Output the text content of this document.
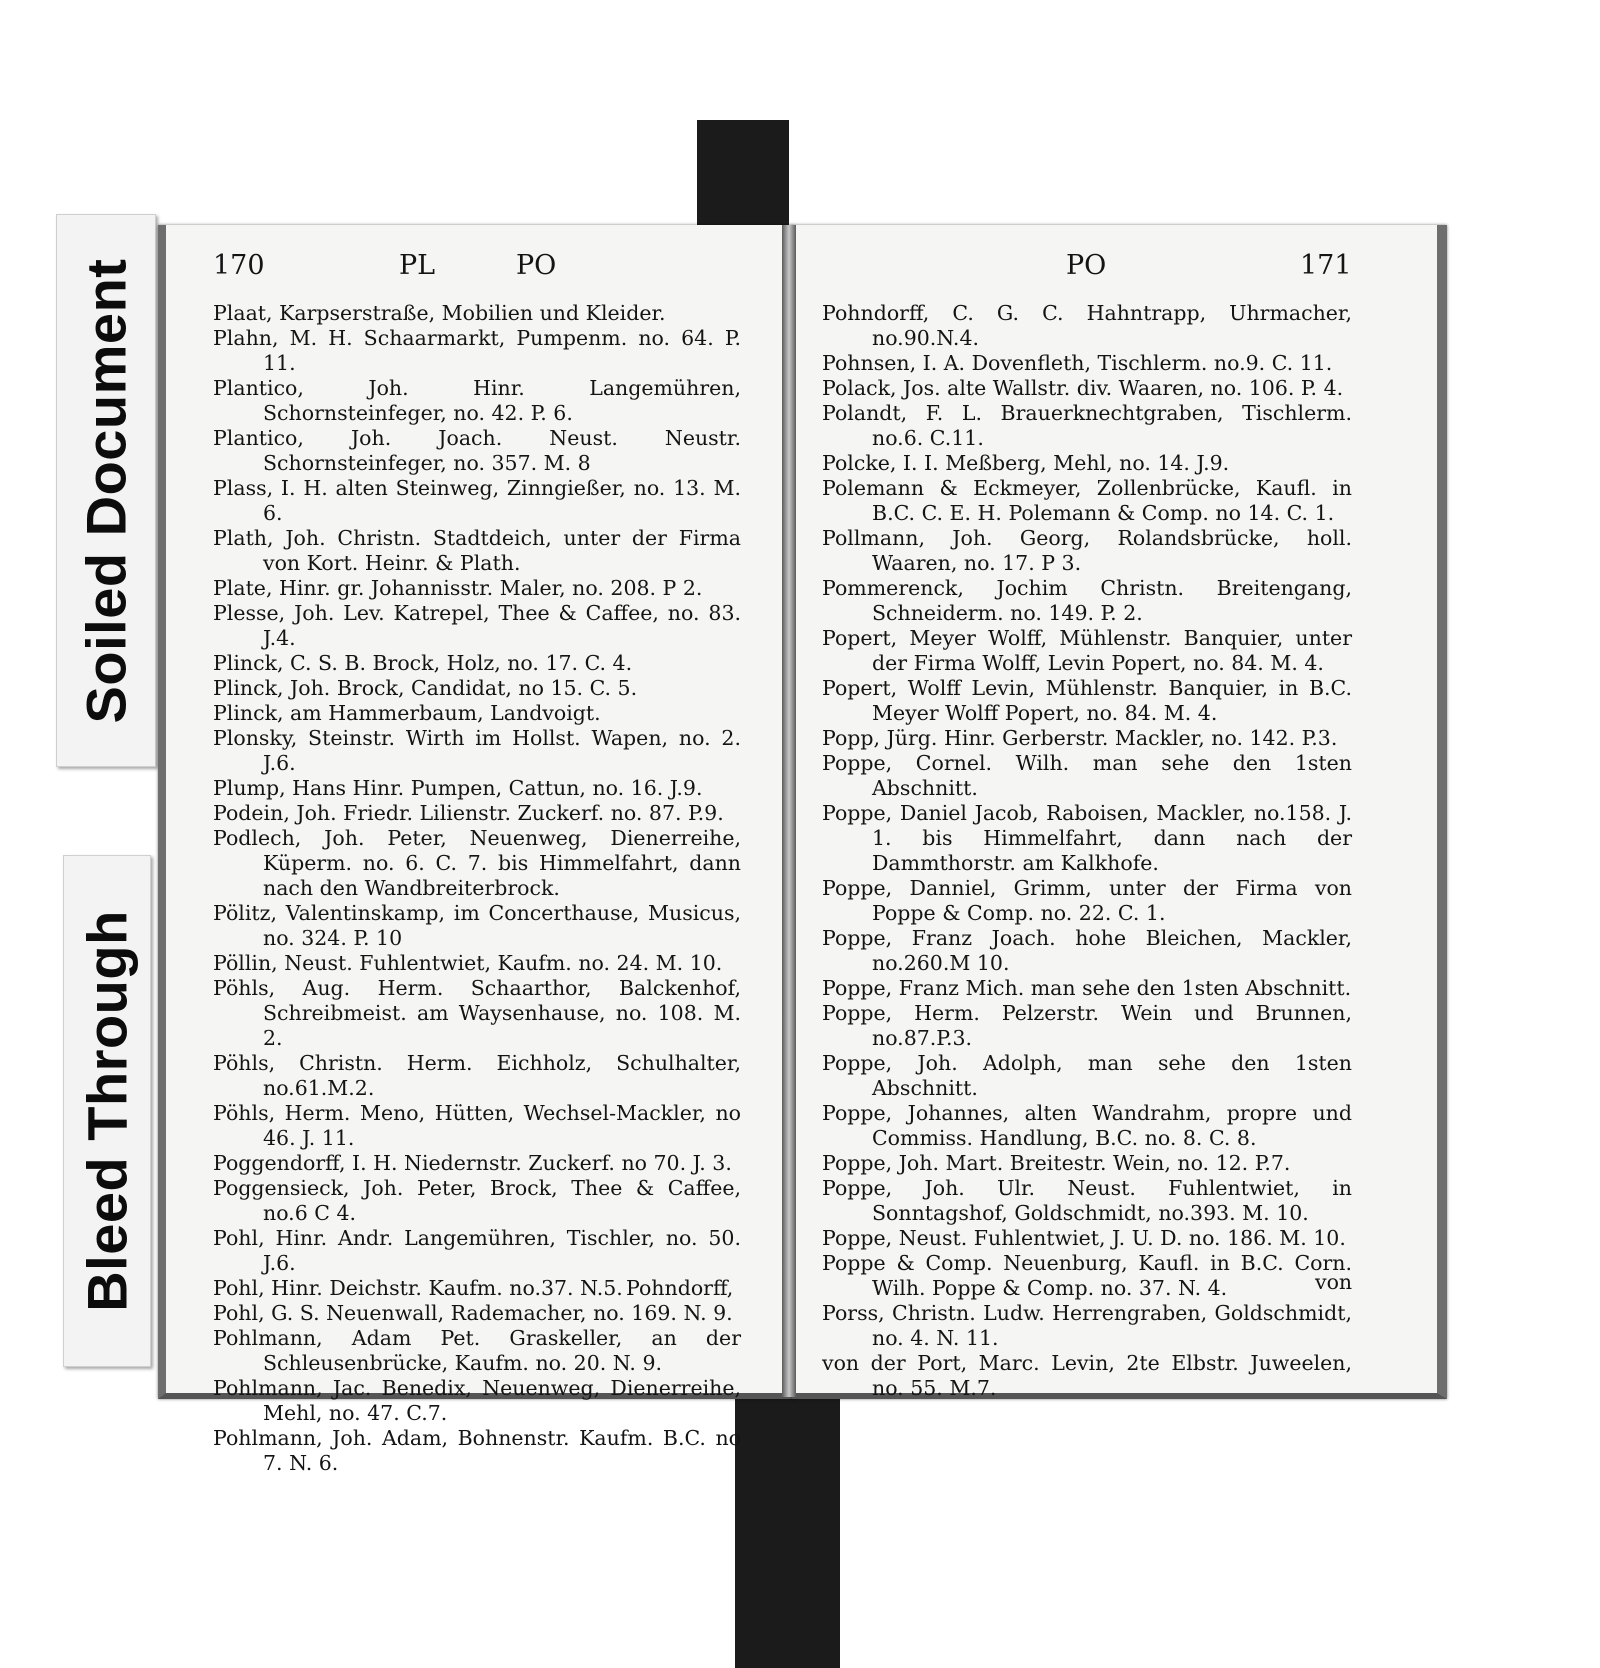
Soiled Document
Bleed Through
170	PL	PO	PO	171

Plaat, Karpserstraße, Mobilien und Kleider.

Plahn, M. H. Schaarmarkt, Pumpenm. no. 64. P. 11.

Plantico, Joh. Hinr. Langemühren, Schornsteinfeger, no. 42. P. 6.

Plantico, Joh. Joach. Neust. Neustr. Schornsteinfeger, no. 357. M. 8

Plass, I. H. alten Steinweg, Zinngießer, no. 13. M. 6.

Plath, Joh. Christn. Stadtdeich, unter der Firma von Kort. Heinr. & Plath.

Plate, Hinr. gr. Johannisstr. Maler, no. 208. P 2.

Plesse, Joh. Lev. Katrepel, Thee & Caffee, no. 83. J.4.

Plinck, C. S. B. Brock, Holz, no. 17. C. 4.

Plinck, Joh. Brock, Candidat, no 15. C. 5.

Plinck, am Hammerbaum, Landvoigt.

Plonsky, Steinstr. Wirth im Hollst. Wapen, no. 2. J.6.

Plump, Hans Hinr. Pumpen, Cattun, no. 16. J.9.

Podein, Joh. Friedr. Lilienstr. Zuckerf. no. 87. P.9.

Podlech, Joh. Peter, Neuenweg, Dienerreihe, Küperm. no. 6. C. 7. bis Himmelfahrt, dann nach den Wandbreiterbrock.

Pölitz, Valentinskamp, im Concerthause, Musicus, no. 324. P. 10

Pöllin, Neust. Fuhlentwiet, Kaufm. no. 24. M. 10.

Pöhls, Aug. Herm. Schaarthor, Balckenhof, Schreibmeist. am Waysenhause, no. 108. M. 2.

Pöhls, Christn. Herm. Eichholz, Schulhalter, no.61.M.2.

Pöhls, Herm. Meno, Hütten, Wechsel-Mackler, no 46. J. 11.

Poggendorff, I. H. Niedernstr. Zuckerf. no 70. J. 3.

Poggensieck, Joh. Peter, Brock, Thee & Caffee, no.6 C 4.

Pohl, Hinr. Andr. Langemühren, Tischler, no. 50. J.6.

Pohl, Hinr. Deichstr. Kaufm. no.37. N.5.

Pohl, G. S. Neuenwall, Rademacher, no. 169. N. 9.

Pohlmann, Adam Pet. Graskeller, an der Schleusenbrücke, Kaufm. no. 20. N. 9.

Pohlmann, Jac. Benedix, Neuenweg, Dienerreihe, Mehl, no. 47. C.7.

Pohlmann, Joh. Adam, Bohnenstr. Kaufm. B.C. no 7. N. 6.

Pohndorff, C. G. C. Hahntrapp, Uhrmacher, no.90.N.4.

Pohnsen, I. A. Dovenfleth, Tischlerm. no.9. C. 11.

Polack, Jos. alte Wallstr. div. Waaren, no. 106. P. 4.

Polandt, F. L. Brauerknechtgraben, Tischlerm. no.6. C.11.

Polcke, I. I. Meßberg, Mehl, no. 14. J.9.

Polemann & Eckmeyer, Zollenbrücke, Kaufl. in B.C. C. E. H. Polemann & Comp. no 14. C. 1.

Pollmann, Joh. Georg, Rolandsbrücke, holl. Waaren, no. 17. P 3.

Pommerenck, Jochim Christn. Breitengang, Schneiderm. no. 149. P. 2.

Popert, Meyer Wolff, Mühlenstr. Banquier, unter der Firma Wolff, Levin Popert, no. 84. M. 4.

Popert, Wolff Levin, Mühlenstr. Banquier, in B.C. Meyer Wolff Popert, no. 84. M. 4.

Popp, Jürg. Hinr. Gerberstr. Mackler, no. 142. P.3.

Poppe, Cornel. Wilh. man sehe den 1sten Abschnitt.

Poppe, Daniel Jacob, Raboisen, Mackler, no.158. J. 1. bis Himmelfahrt, dann nach der Dammthorstr. am Kalkhofe.

Poppe, Danniel, Grimm, unter der Firma von Poppe & Comp. no. 22. C. 1.

Poppe, Franz Joach. hohe Bleichen, Mackler, no.260.M 10.

Poppe, Franz Mich. man sehe den 1sten Abschnitt.

Poppe, Herm. Pelzerstr. Wein und Brunnen, no.87.P.3.

Poppe, Joh. Adolph, man sehe den 1sten Abschnitt.

Poppe, Johannes, alten Wandrahm, propre und Commiss. Handlung, B.C. no. 8. C. 8.

Poppe, Joh. Mart. Breitestr. Wein, no. 12. P.7.

Poppe, Joh. Ulr. Neust. Fuhlentwiet, in Sonntagshof, Goldschmidt, no.393. M. 10.

Poppe, Neust. Fuhlentwiet, J. U. D. no. 186. M. 10.

Poppe & Comp. Neuenburg, Kaufl. in B.C. Corn. Wilh. Poppe & Comp. no. 37. N. 4.

Porss, Christn. Ludw. Herrengraben, Goldschmidt, no. 4. N. 11.

von der Port, Marc. Levin, 2te Elbstr. Juweelen, no. 55. M.7.

Pohndorff,	von
